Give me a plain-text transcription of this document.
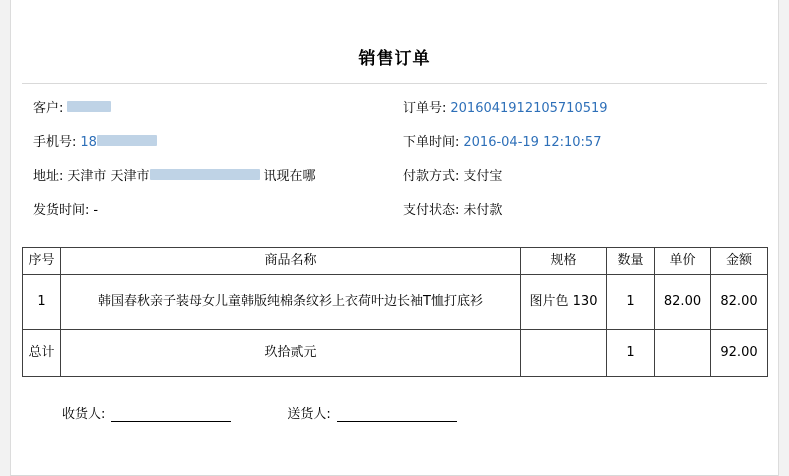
销售订单
客户:	订单号: 2016041912105710519
手机号: 18	下单时间: 2016-04-19 12:10:57
地址: 天津市 天津市	讯现在哪	付款方式: 支付宝
发货时间: -	支付状态: 未付款
序号	商品名称	规格	数量	单价	金额
1	韩国春秋亲子装母女儿童韩版纯棉条纹衫上衣荷叶边长袖T恤打底衫	图片色 130	1	82.00	82.00
总计	玖拾贰元		1		92.00
收货人:	送货人:
